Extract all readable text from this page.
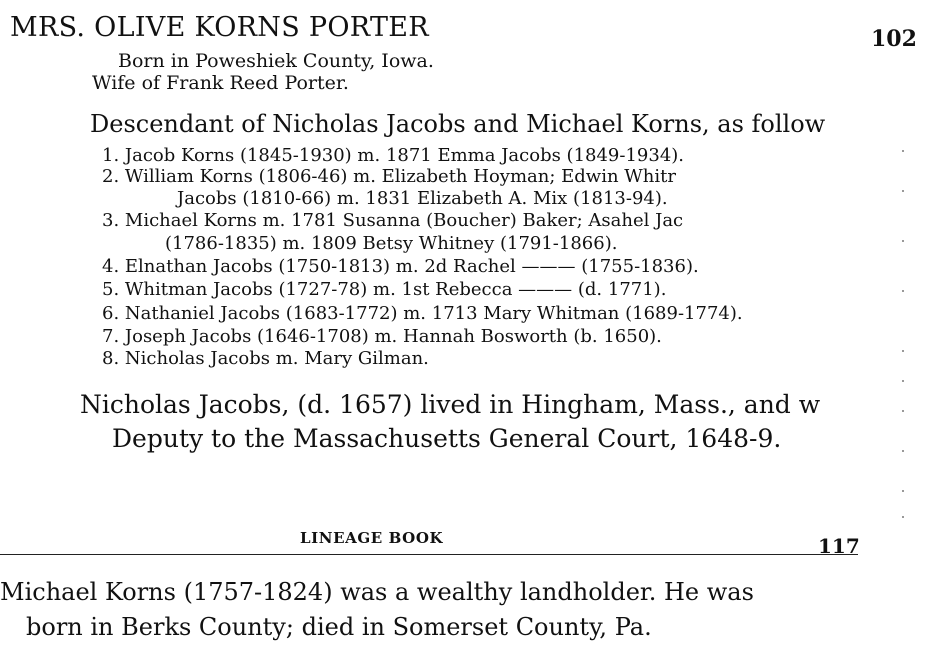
MRS. OLIVE KORNS PORTER	102
Born in Poweshiek County, Iowa.
Wife of Frank Reed Porter.
Descendant of Nicholas Jacobs and Michael Korns, as follow
1. Jacob Korns (1845-1930) m. 1871 Emma Jacobs (1849-1934).
2. William Korns (1806-46) m. Elizabeth Hoyman; Edwin Whitr
Jacobs (1810-66) m. 1831 Elizabeth A. Mix (1813-94).
3. Michael Korns m. 1781 Susanna (Boucher) Baker; Asahel Jac
(1786-1835) m. 1809 Betsy Whitney (1791-1866).
4. Elnathan Jacobs (1750-1813) m. 2d Rachel ——— (1755-1836).
5. Whitman Jacobs (1727-78) m. 1st Rebecca ——— (d. 1771).
6. Nathaniel Jacobs (1683-1772) m. 1713 Mary Whitman (1689-1774).
7. Joseph Jacobs (1646-1708) m. Hannah Bosworth (b. 1650).
8. Nicholas Jacobs m. Mary Gilman.
Nicholas Jacobs, (d. 1657) lived in Hingham, Mass., and w
Deputy to the Massachusetts General Court, 1648-9.
LINEAGE BOOK	117
Michael Korns (1757-1824) was a wealthy landholder. He was
born in Berks County; died in Somerset County, Pa.
